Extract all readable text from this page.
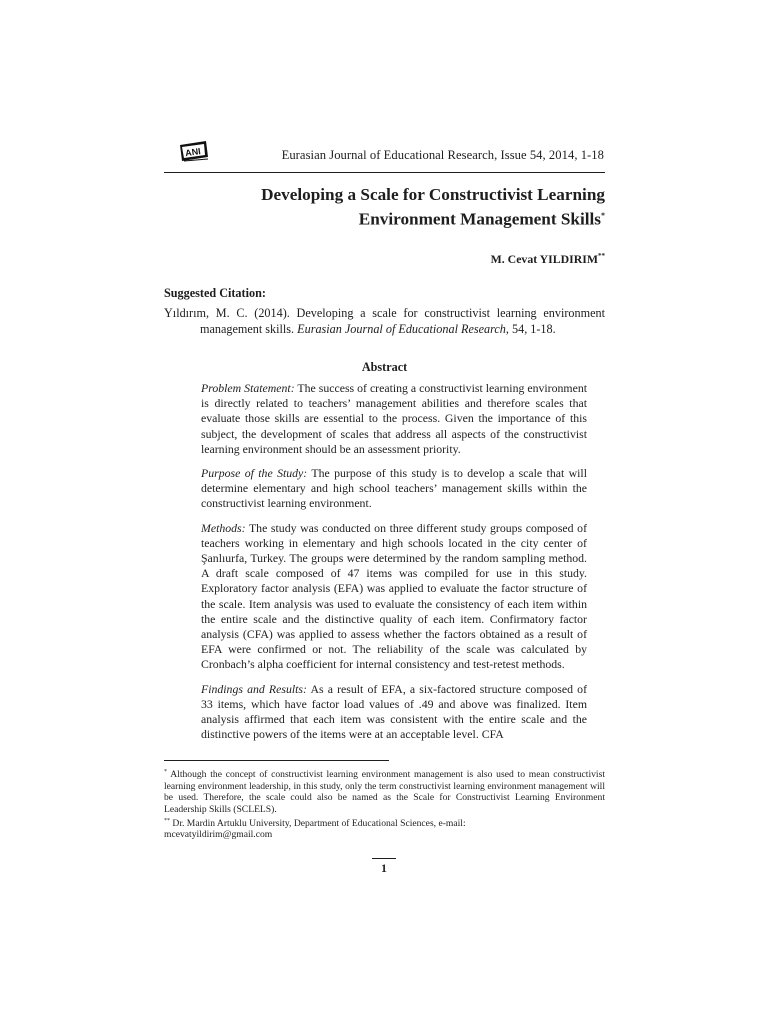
ANI	Eurasian Journal of Educational Research, Issue 54, 2014, 1-18
Developing a Scale for Constructivist Learning
Environment Management Skills*
M. Cevat YILDIRIM**
Suggested Citation:
Yıldırım, M. C. (2014). Developing a scale for constructivist learning environment management skills. Eurasian Journal of Educational Research, 54, 1-18.
Abstract

Problem Statement: The success of creating a constructivist learning environment is directly related to teachers’ management abilities and therefore scales that evaluate those skills are essential to the process. Given the importance of this subject, the development of scales that address all aspects of the constructivist learning environment should be an assessment priority.

Purpose of the Study: The purpose of this study is to develop a scale that will determine elementary and high school teachers’ management skills within the constructivist learning environment.

Methods: The study was conducted on three different study groups composed of teachers working in elementary and high schools located in the city center of Şanlıurfa, Turkey. The groups were determined by the random sampling method. A draft scale composed of 47 items was compiled for use in this study. Exploratory factor analysis (EFA) was applied to evaluate the factor structure of the scale. Item analysis was used to evaluate the consistency of each item within the entire scale and the distinctive quality of each item. Confirmatory factor analysis (CFA) was applied to assess whether the factors obtained as a result of EFA were confirmed or not. The reliability of the scale was calculated by Cronbach’s alpha coefficient for internal consistency and test-retest methods.

Findings and Results: As a result of EFA, a six-factored structure composed of 33 items, which have factor load values of .49 and above was finalized. Item analysis affirmed that each item was consistent with the entire scale and the distinctive powers of the items were at an acceptable level. CFA

* Although the concept of constructivist learning environment management is also used to mean constructivist learning environment leadership, in this study, only the term constructivist learning environment management will be used. Therefore, the scale could also be named as the Scale for Constructivist Learning Environment Leadership Skills (SCLELS).

** Dr. Mardin Artuklu University, Department of Educational Sciences, e-mail:

mcevatyildirim@gmail.com

1
